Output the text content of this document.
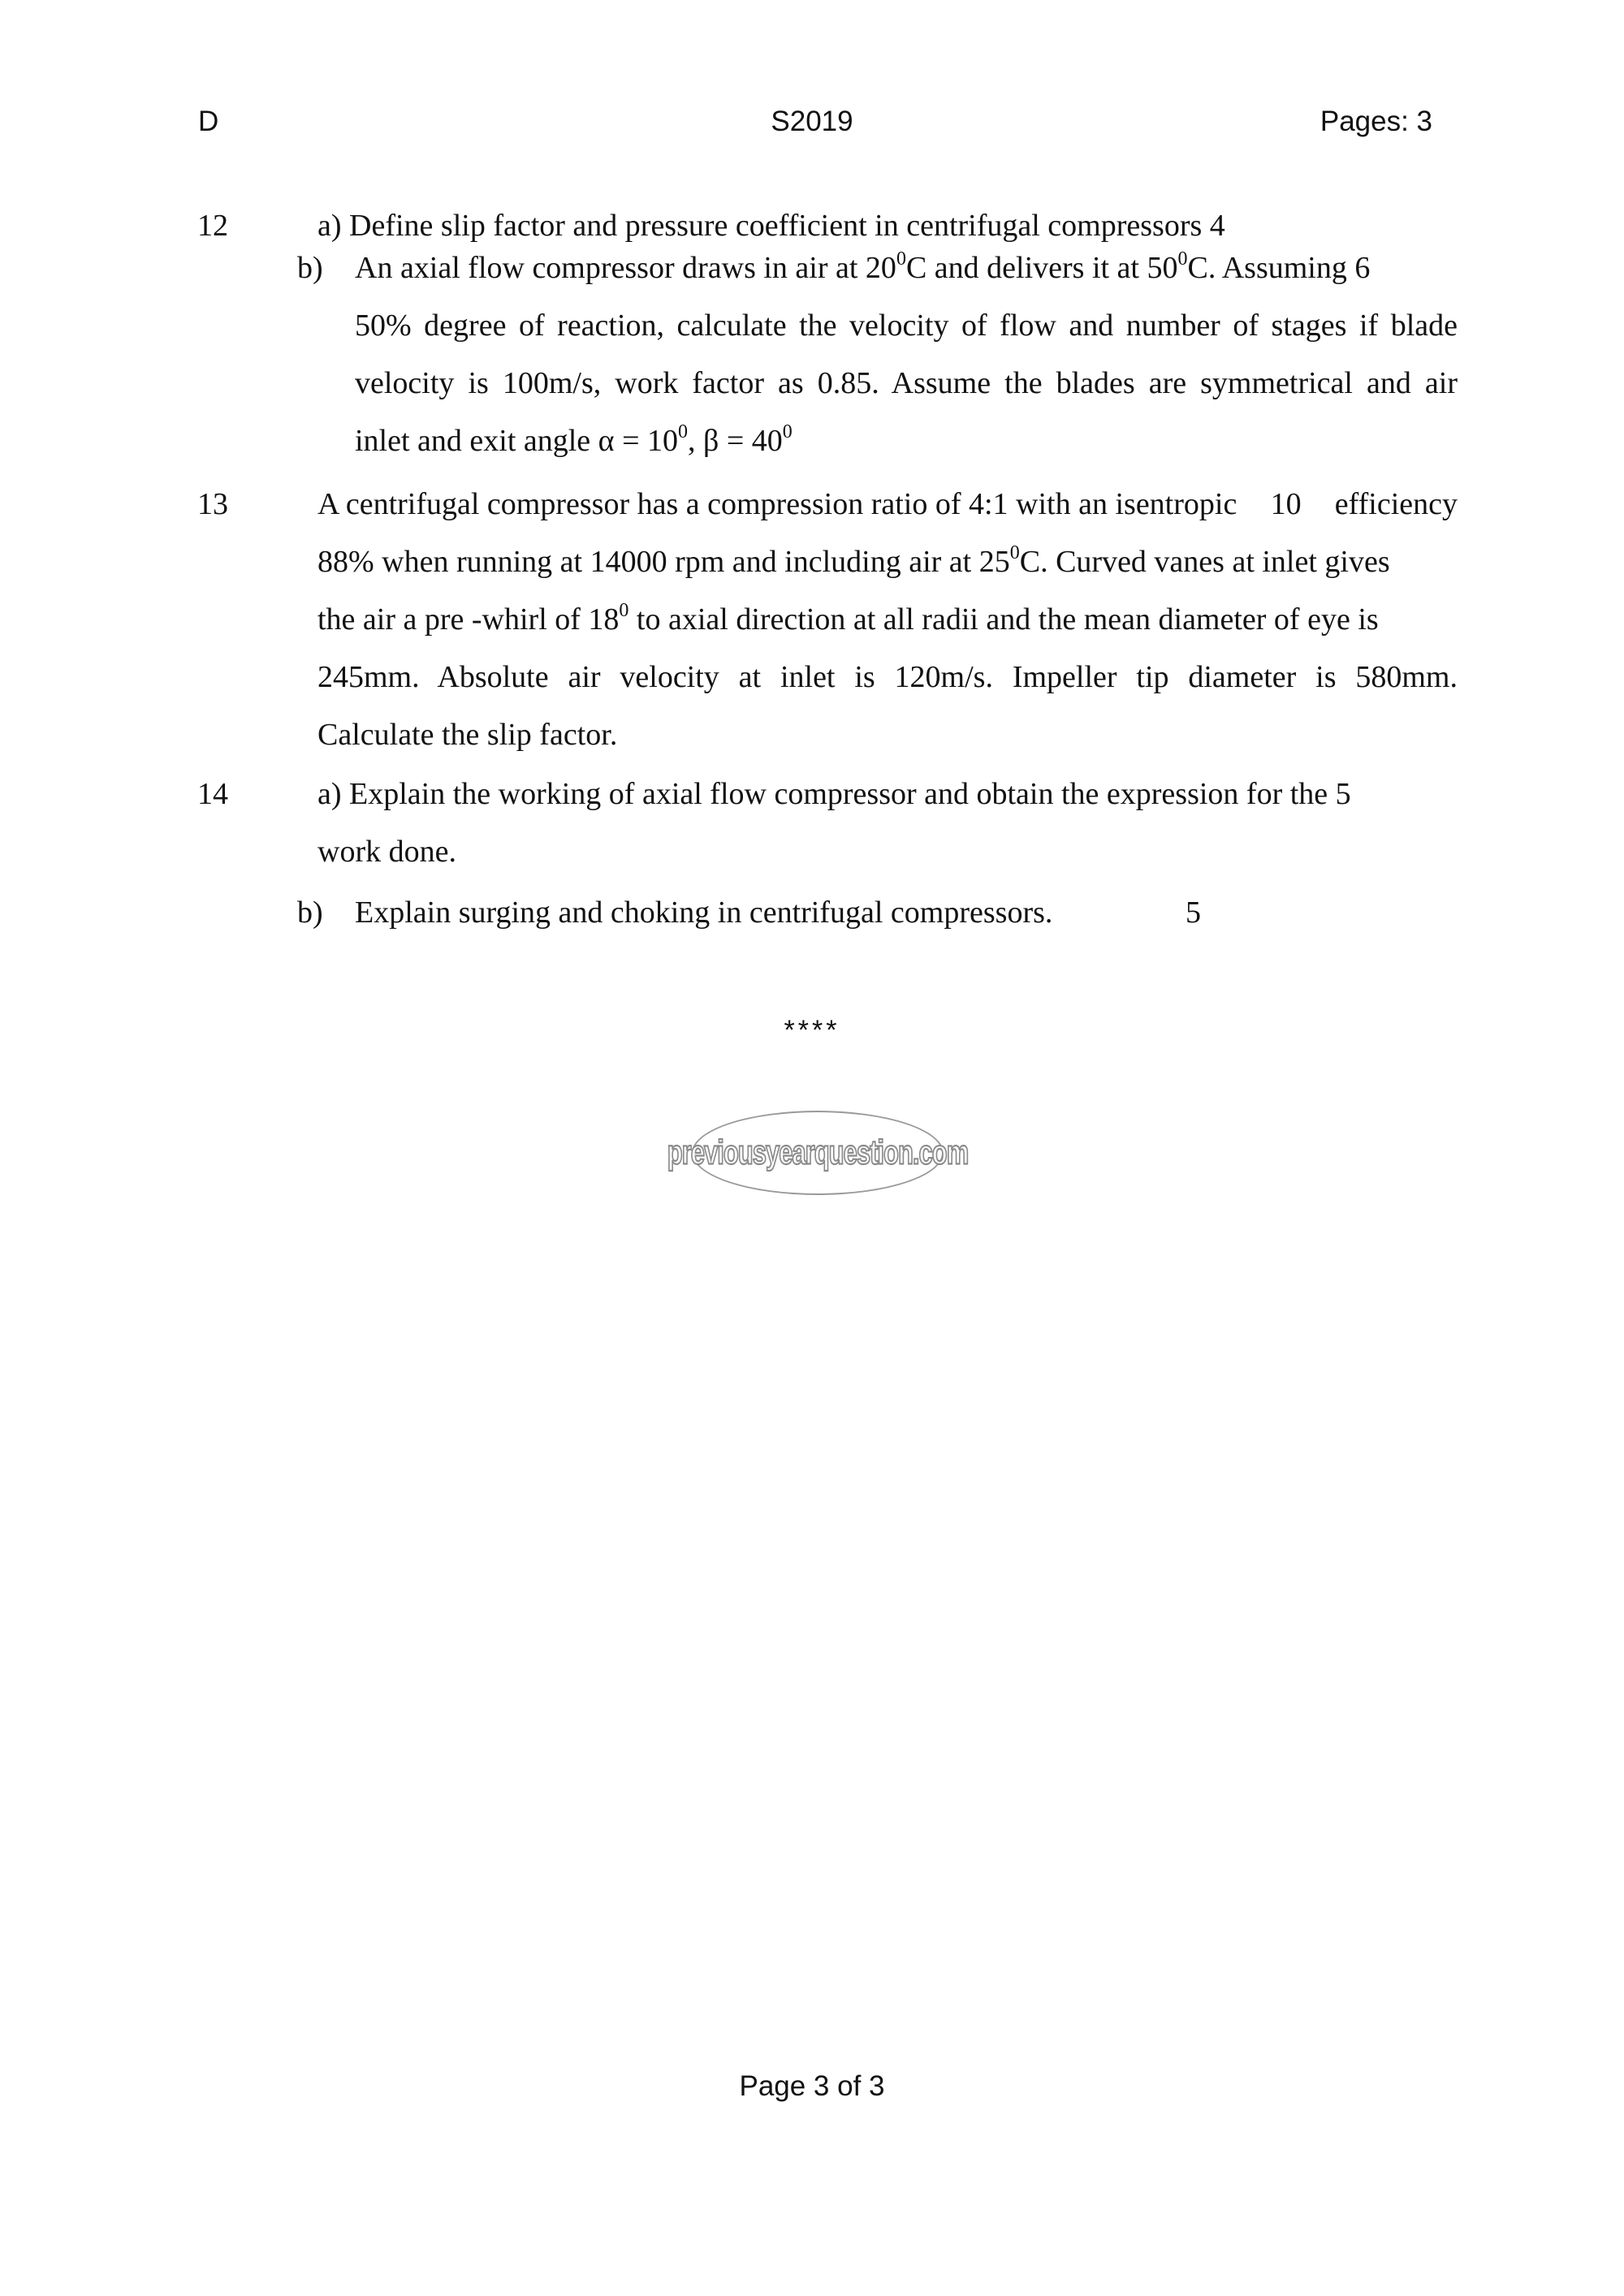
D	S2019	Pages: 3
12	a) Define slip factor and pressure coefficient in centrifugal compressors 4
b) An axial flow compressor draws in air at $20^0C$ and delivers it at $50^0C$. Assuming 6
50% degree of reaction, calculate the velocity of flow and number of stages if blade
velocity is 100m/s, work factor as 0.85. Assume the blades are symmetrical and air
inlet and exit angle $\alpha = 10^0$, $\beta = 40^0$
13	A centrifugal compressor has a compression ratio of 4:1 with an isentropic 10 efficiency
88% when running at 14000 rpm and including air at $25^0C$. Curved vanes at inlet gives
the air a pre -whirl of $18^0$ to axial direction at all radii and the mean diameter of eye is
245mm. Absolute air velocity at inlet is 120m/s. Impeller tip diameter is 580mm.
Calculate the slip factor.
14	a) Explain the working of axial flow compressor and obtain the expression for the 5
work done.
b) Explain surging and choking in centrifugal compressors.	5
****
previousyearquestion.com
Page 3 of 3
